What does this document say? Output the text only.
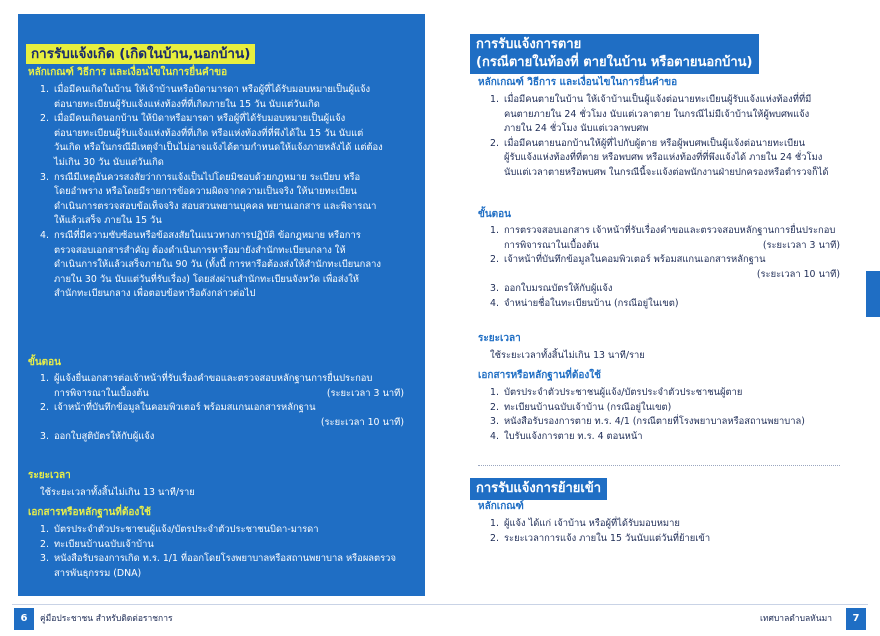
การรับแจ้งเกิด (เกิดในบ้าน,นอกบ้าน)
หลักเกณฑ์ วิธีการ และเงื่อนไขในการยื่นคำขอ
1. เมื่อมีคนเกิดในบ้าน ให้เจ้าบ้านหรือบิดามารดา หรือผู้ที่ได้รับมอบหมายเป็นผู้แจ้ง
ต่อนายทะเบียนผู้รับแจ้งแห่งท้องที่ที่เกิดภายใน 15 วัน นับแต่วันเกิด
2. เมื่อมีคนเกิดนอกบ้าน ให้บิดาหรือมารดา หรือผู้ที่ได้รับมอบหมายเป็นผู้แจ้ง
ต่อนายทะเบียนผู้รับแจ้งแห่งท้องที่ที่เกิด หรือแห่งท้องที่ที่พึงได้ใน 15 วัน นับแต่
วันเกิด หรือในกรณีมีเหตุจำเป็นไม่อาจแจ้งได้ตามกำหนดให้แจ้งภายหลังได้ แต่ต้อง
ไม่เกิน 30 วัน นับแต่วันเกิด
3. กรณีมีเหตุอันควรสงสัยว่าการแจ้งเป็นไปโดยมิชอบด้วยกฎหมาย ระเบียบ หรือ
โดยอำพราง หรือโดยมีรายการข้อความผิดจากความเป็นจริง ให้นายทะเบียน
ดำเนินการตรวจสอบข้อเท็จจริง สอบสวนพยานบุคคล พยานเอกสาร และพิจารณา
ให้แล้วเสร็จ ภายใน 15 วัน
4. กรณีที่มีความซับซ้อนหรือข้อสงสัยในแนวทางการปฏิบัติ ข้อกฎหมาย หรือการ
ตรวจสอบเอกสารสำคัญ ต้องดำเนินการหารือมายังสำนักทะเบียนกลาง ให้
ดำเนินการให้แล้วเสร็จภายใน 90 วัน (ทั้งนี้ การหารือต้องส่งให้สำนักทะเบียนกลาง
ภายใน 30 วัน นับแต่วันที่รับเรื่อง) โดยส่งผ่านสำนักทะเบียนจังหวัด เพื่อส่งให้
สำนักทะเบียนกลาง เพื่อตอบข้อหารือดังกล่าวต่อไป
ขั้นตอน
1. ผู้แจ้งยื่นเอกสารต่อเจ้าหน้าที่รับเรื่องคำขอและตรวจสอบหลักฐานการยื่นประกอบ
การพิจารณาในเบื้องต้น	(ระยะเวลา 3 นาที)
2. เจ้าหน้าที่บันทึกข้อมูลในคอมพิวเตอร์ พร้อมสแกนเอกสารหลักฐาน
(ระยะเวลา 10 นาที)
3. ออกใบสูติบัตรให้กับผู้แจ้ง
ระยะเวลา
ใช้ระยะเวลาทั้งสิ้นไม่เกิน 13 นาที/ราย
เอกสารหรือหลักฐานที่ต้องใช้
1. บัตรประจำตัวประชาชนผู้แจ้ง/บัตรประจำตัวประชาชนบิดา-มารดา
2. ทะเบียนบ้านฉบับเจ้าบ้าน
3. หนังสือรับรองการเกิด ท.ร. 1/1 ที่ออกโดยโรงพยาบาลหรือสถานพยาบาล หรือผลตรวจ
สารพันธุกรรม (DNA)
การรับแจ้งการตาย
(กรณีตายในท้องที่ ตายในบ้าน หรือตายนอกบ้าน)
หลักเกณฑ์ วิธีการ และเงื่อนไขในการยื่นคำขอ
1. เมื่อมีคนตายในบ้าน ให้เจ้าบ้านเป็นผู้แจ้งต่อนายทะเบียนผู้รับแจ้งแห่งท้องที่ที่มี
คนตายภายใน 24 ชั่วโมง นับแต่เวลาตาย ในกรณีไม่มีเจ้าบ้านให้ผู้พบศพแจ้ง
ภายใน 24 ชั่วโมง นับแต่เวลาพบศพ
2. เมื่อมีคนตายนอกบ้านให้ผู้ที่ไปกับผู้ตาย หรือผู้พบศพเป็นผู้แจ้งต่อนายทะเบียน
ผู้รับแจ้งแห่งท้องที่ที่ตาย หรือพบศพ หรือแห่งท้องที่ที่พึงแจ้งได้ ภายใน 24 ชั่วโมง
นับแต่เวลาตายหรือพบศพ ในกรณีนี้จะแจ้งต่อพนักงานฝ่ายปกครองหรือตำรวจก็ได้
ขั้นตอน
1. การตรวจสอบเอกสาร เจ้าหน้าที่รับเรื่องคำขอและตรวจสอบหลักฐานการยื่นประกอบ
การพิจารณาในเบื้องต้น	(ระยะเวลา 3 นาที)
2. เจ้าหน้าที่บันทึกข้อมูลในคอมพิวเตอร์ พร้อมสแกนเอกสารหลักฐาน
(ระยะเวลา 10 นาที)
3. ออกใบมรณบัตรให้กับผู้แจ้ง
4. จำหน่ายชื่อในทะเบียนบ้าน (กรณีอยู่ในเขต)
ระยะเวลา
ใช้ระยะเวลาทั้งสิ้นไม่เกิน 13 นาที/ราย
เอกสารหรือหลักฐานที่ต้องใช้
1. บัตรประจำตัวประชาชนผู้แจ้ง/บัตรประจำตัวประชาชนผู้ตาย
2. ทะเบียนบ้านฉบับเจ้าบ้าน (กรณีอยู่ในเขต)
3. หนังสือรับรองการตาย ท.ร. 4/1 (กรณีตายที่โรงพยาบาลหรือสถานพยาบาล)
4. ใบรับแจ้งการตาย ท.ร. 4 ตอนหน้า
การรับแจ้งการย้ายเข้า
หลักเกณฑ์
1. ผู้แจ้ง ได้แก่ เจ้าบ้าน หรือผู้ที่ได้รับมอบหมาย
2. ระยะเวลาการแจ้ง ภายใน 15 วันนับแต่วันที่ย้ายเข้า
6	คู่มือประชาชน สำหรับติดต่อราชการ	เทศบาลตำบลหันมา	7
